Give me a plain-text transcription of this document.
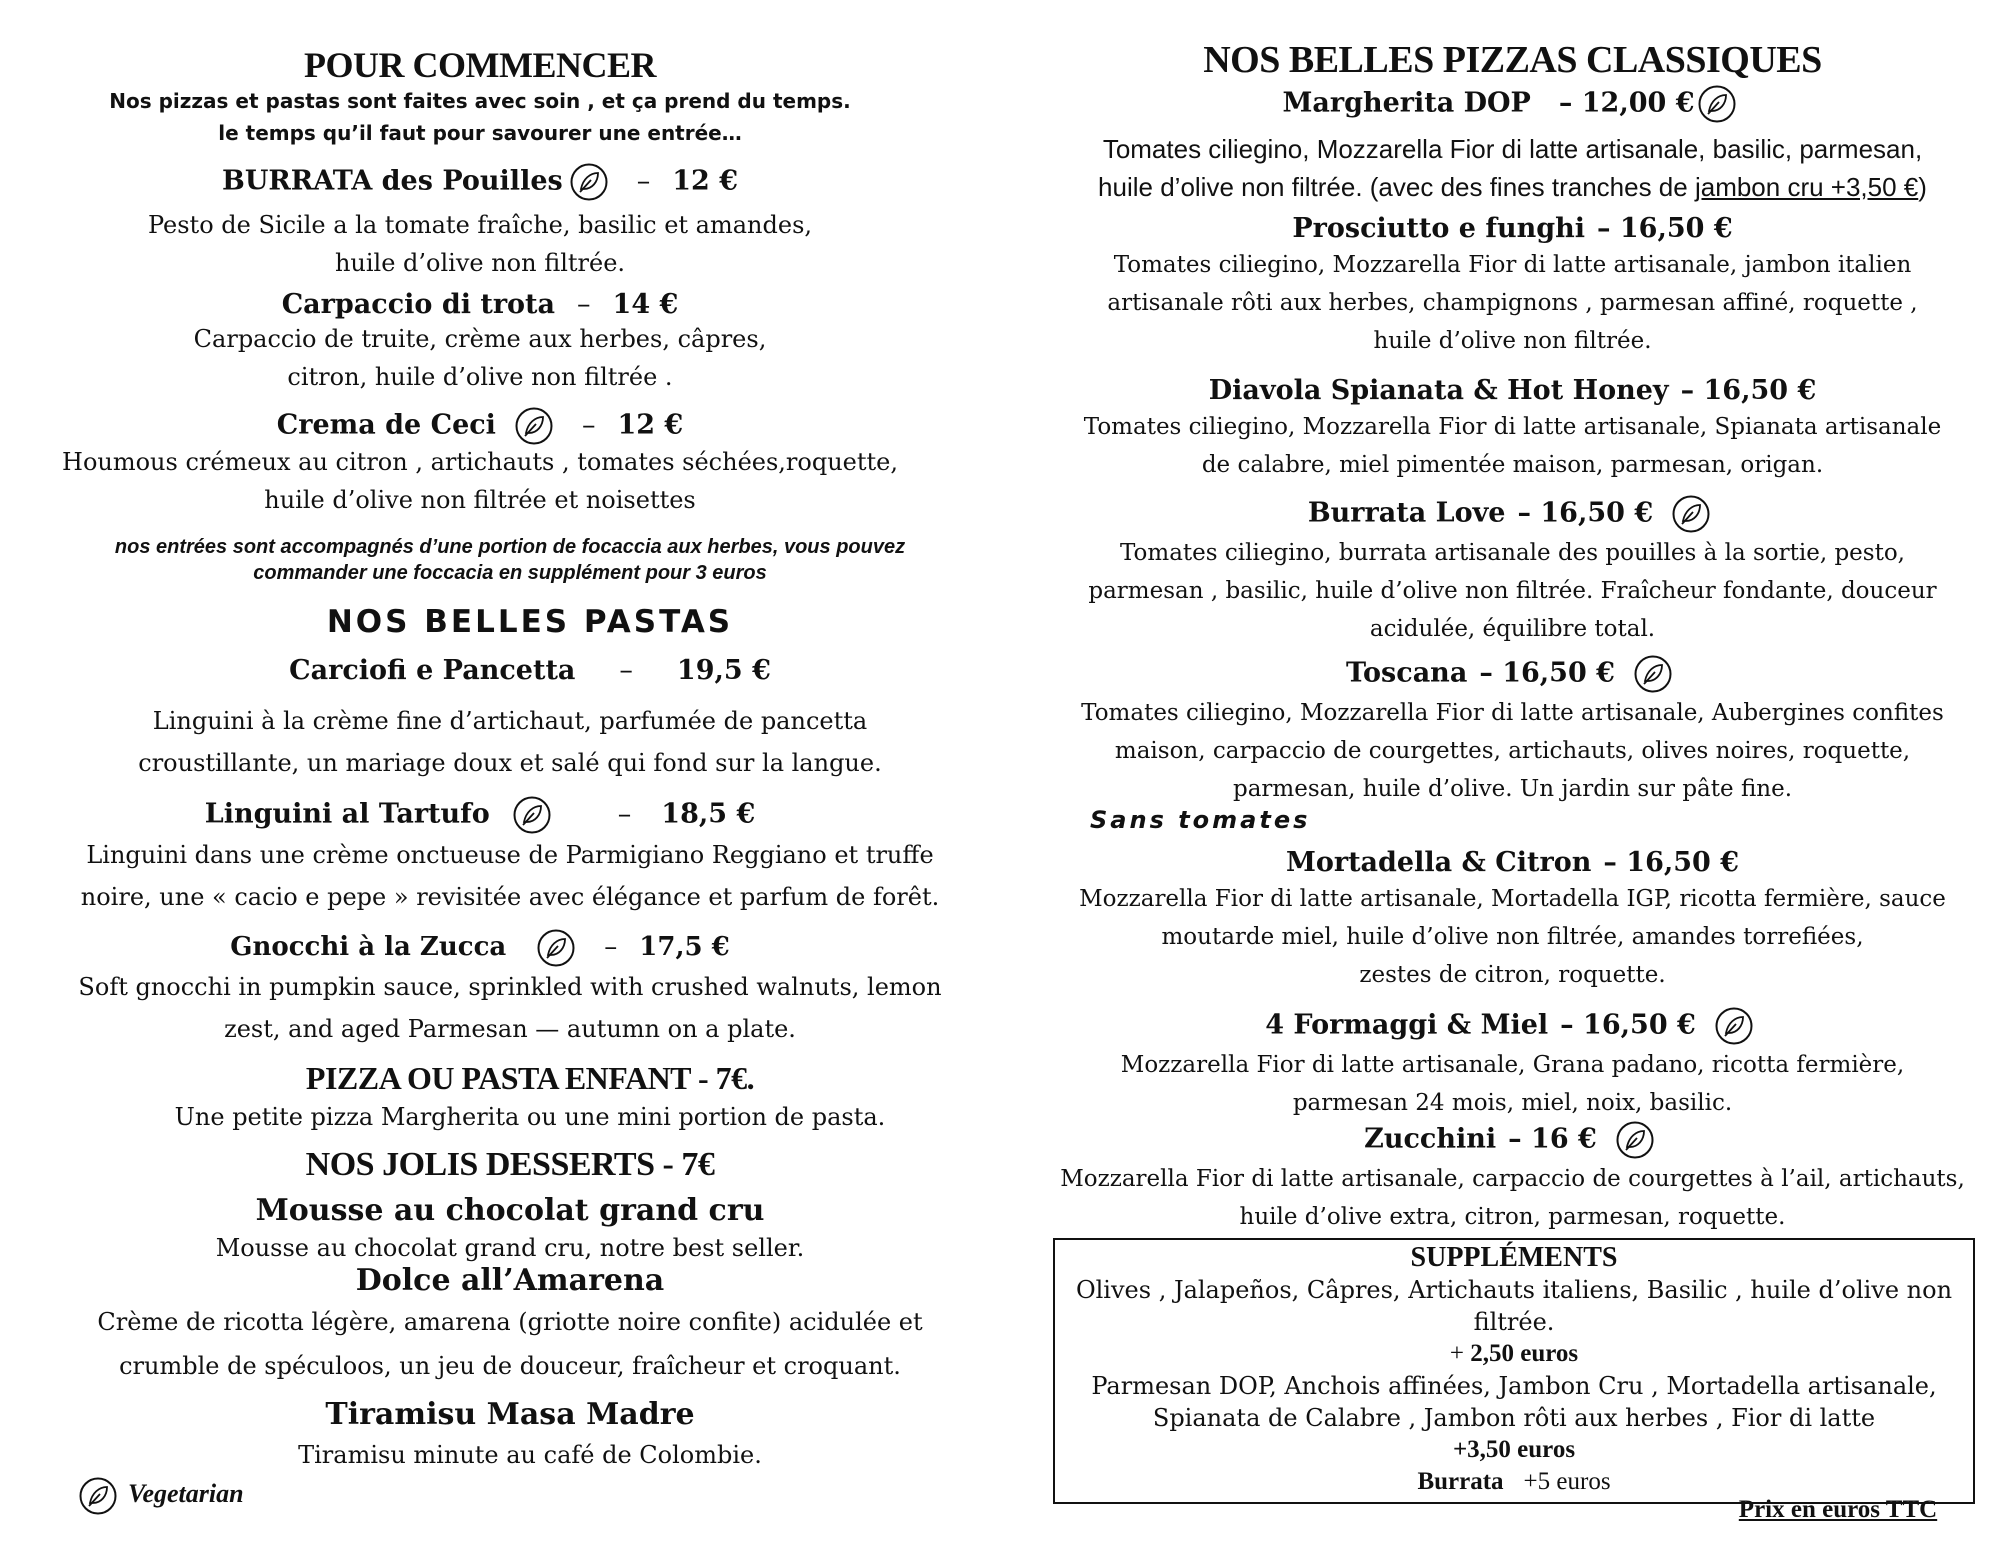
POUR COMMENCER
Nos pizzas et pastas sont faites avec soin , et ça prend du temps.
le temps qu’il faut pour savourer une entrée…
BURRATA des Pouilles	– 12 €
Pesto de Sicile a la tomate fraîche, basilic et amandes,
huile d’olive non filtrée.
Carpaccio di trota – 14 €
Carpaccio de truite, crème aux herbes, câpres,
citron, huile d’olive non filtrée .
Crema de Ceci	– 12 €
Houmous crémeux au citron , artichauts , tomates séchées,roquette,
huile d’olive non filtrée et noisettes
nos entrées sont accompagnés d’une portion de focaccia aux herbes, vous pouvez
commander une foccacia en supplément pour 3 euros
NOS BELLES PASTAS
Carciofi e Pancetta – 19,5 €
Linguini à la crème fine d’artichaut, parfumée de pancetta
croustillante, un mariage doux et salé qui fond sur la langue.
Linguini al Tartufo	– 18,5 €
Linguini dans une crème onctueuse de Parmigiano Reggiano et truffe
noire, une « cacio e pepe » revisitée avec élégance et parfum de forêt.
Gnocchi à la Zucca	– 17,5 €
Soft gnocchi in pumpkin sauce, sprinkled with crushed walnuts, lemon
zest, and aged Parmesan — autumn on a plate.
PIZZA OU PASTA ENFANT - 7€.
Une petite pizza Margherita ou une mini portion de pasta.
NOS JOLIS DESSERTS - 7€
Mousse au chocolat grand cru
Mousse au chocolat grand cru, notre best seller.
Dolce all’Amarena
Crème de ricotta légère, amarena (griotte noire confite) acidulée et
crumble de spéculoos, un jeu de douceur, fraîcheur et croquant.
Tiramisu Masa Madre
Tiramisu minute au café de Colombie.
Vegetarian
NOS BELLES PIZZAS CLASSIQUES
Margherita DOP – 12,00 €
Tomates ciliegino, Mozzarella Fior di latte artisanale, basilic, parmesan,
huile d’olive non filtrée. (avec des fines tranches de jambon cru +3,50 €)
Prosciutto e funghi – 16,50 €
Tomates ciliegino, Mozzarella Fior di latte artisanale, jambon italien
artisanale rôti aux herbes, champignons , parmesan affiné, roquette ,
huile d’olive non filtrée.
Diavola Spianata & Hot Honey – 16,50 €
Tomates ciliegino, Mozzarella Fior di latte artisanale, Spianata artisanale
de calabre, miel pimentée maison, parmesan, origan.
Burrata Love – 16,50 €
Tomates ciliegino, burrata artisanale des pouilles à la sortie, pesto,
parmesan , basilic, huile d’olive non filtrée. Fraîcheur fondante, douceur
acidulée, équilibre total.
Toscana – 16,50 €
Tomates ciliegino, Mozzarella Fior di latte artisanale, Aubergines confites
maison, carpaccio de courgettes, artichauts, olives noires, roquette,
parmesan, huile d’olive. Un jardin sur pâte fine.
Mortadella & Citron – 16,50 €
Mozzarella Fior di latte artisanale, Mortadella IGP, ricotta fermière, sauce
moutarde miel, huile d’olive non filtrée, amandes torrefiées,
zestes de citron, roquette.
4 Formaggi & Miel – 16,50 €
Mozzarella Fior di latte artisanale, Grana padano, ricotta fermière,
parmesan 24 mois, miel, noix, basilic.
Zucchini – 16 €
Mozzarella Fior di latte artisanale, carpaccio de courgettes à l’ail, artichauts,
huile d’olive extra, citron, parmesan, roquette.
Sans tomates
SUPPLÉMENTS
Olives , Jalapeños, Câpres, Artichauts italiens, Basilic , huile d’olive non
filtrée.
+ 2,50 euros
Parmesan DOP, Anchois affinées, Jambon Cru , Mortadella artisanale,
Spianata de Calabre , Jambon rôti aux herbes , Fior di latte
+3,50 euros
Burrata +5 euros
Prix en euros TTC
